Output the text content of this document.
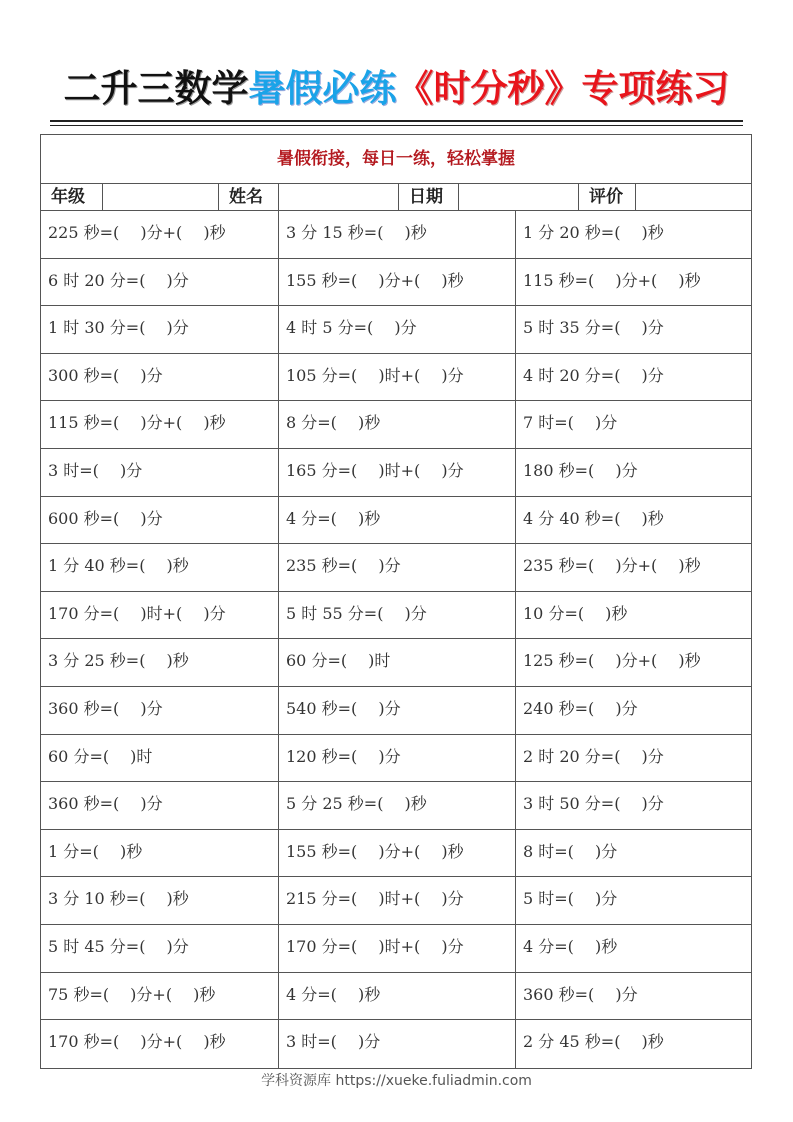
二升三数学暑假必练《时分秒》专项练习
暑假衔接，每日一练，轻松掌握
年级	姓名	日期	评价
225 秒=(　 )分+(　 )秒	3 分 15 秒=(　 )秒	1 分 20 秒=(　 )秒
6 时 20 分=(　 )分	155 秒=(　 )分+(　 )秒	115 秒=(　 )分+(　 )秒
1 时 30 分=(　 )分	4 时 5 分=(　 )分	5 时 35 分=(　 )分
300 秒=(　 )分	105 分=(　 )时+(　 )分	4 时 20 分=(　 )分
115 秒=(　 )分+(　 )秒	8 分=(　 )秒	7 时=(　 )分
3 时=(　 )分	165 分=(　 )时+(　 )分	180 秒=(　 )分
600 秒=(　 )分	4 分=(　 )秒	4 分 40 秒=(　 )秒
1 分 40 秒=(　 )秒	235 秒=(　 )分	235 秒=(　 )分+(　 )秒
170 分=(　 )时+(　 )分	5 时 55 分=(　 )分	10 分=(　 )秒
3 分 25 秒=(　 )秒	60 分=(　 )时	125 秒=(　 )分+(　 )秒
360 秒=(　 )分	540 秒=(　 )分	240 秒=(　 )分
60 分=(　 )时	120 秒=(　 )分	2 时 20 分=(　 )分
360 秒=(　 )分	5 分 25 秒=(　 )秒	3 时 50 分=(　 )分
1 分=(　 )秒	155 秒=(　 )分+(　 )秒	8 时=(　 )分
3 分 10 秒=(　 )秒	215 分=(　 )时+(　 )分	5 时=(　 )分
5 时 45 分=(　 )分	170 分=(　 )时+(　 )分	4 分=(　 )秒
75 秒=(　 )分+(　 )秒	4 分=(　 )秒	360 秒=(　 )分
170 秒=(　 )分+(　 )秒	3 时=(　 )分	2 分 45 秒=(　 )秒
学科资源库 https://xueke.fuliadmin.com
